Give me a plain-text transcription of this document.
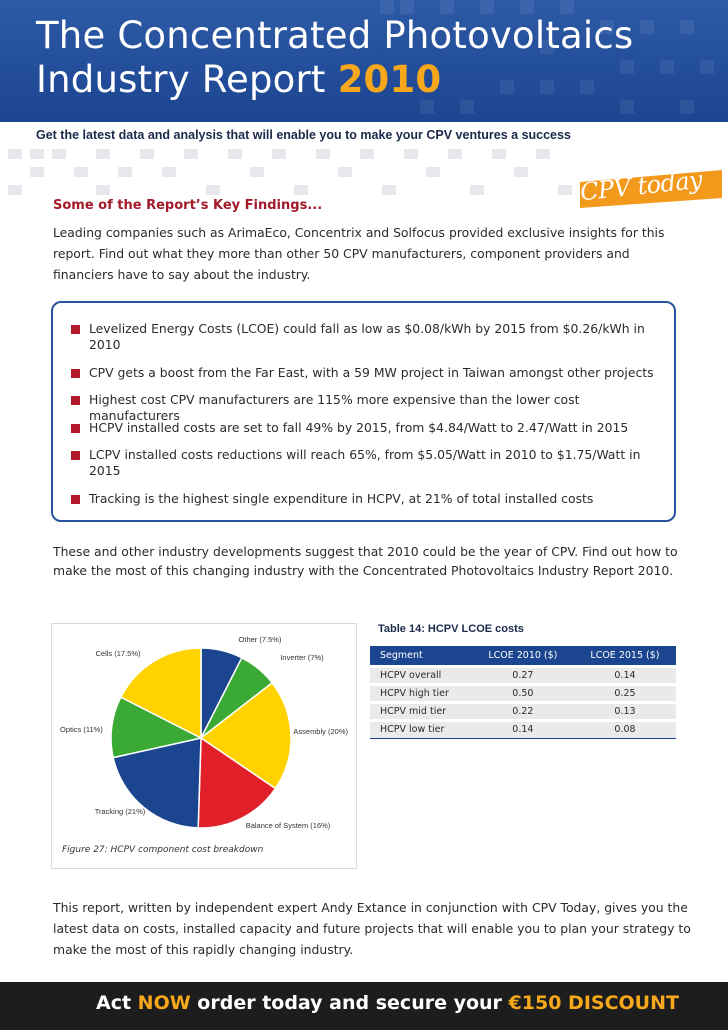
The Concentrated Photovoltaics
Industry Report 2010
Get the latest data and analysis that will enable you to make your CPV ventures a success
CPV today
Some of the Report’s Key Findings...
Leading companies such as ArimaEco, Concentrix and Solfocus provided exclusive insights for this report. Find out what they more than other 50 CPV manufacturers, component providers and financiers have to say about the industry.
Levelized Energy Costs (LCOE) could fall as low as $0.08/kWh by 2015 from $0.26/kWh in 2010
CPV gets a boost from the Far East, with a 59 MW project in Taiwan amongst other projects
Highest cost CPV manufacturers are 115% more expensive than the lower cost manufacturers
HCPV installed costs are set to fall 49% by 2015, from $4.84/Watt to 2.47/Watt in 2015
LCPV installed costs reductions will reach 65%, from $5.05/Watt in 2010 to $1.75/Watt in 2015
Tracking is the highest single expenditure in HCPV, at 21% of total installed costs
These and other industry developments suggest that 2010 could be the year of CPV. Find out how to make the most of this changing industry with the Concentrated Photovoltaics Industry Report 2010.
Other (7.5%)
Inverter (7%)
Assembly (20%)
Balance of System (16%)
Tracking (21%)
Optics (11%)
Cells (17.5%)
Figure 27: HCPV component cost breakdown
Table 14: HCPV LCOE costs
Segment	LCOE 2010 ($)	LCOE 2015 ($)
HCPV overall	0.27	0.14
HCPV high tier	0.50	0.25
HCPV mid tier	0.22	0.13
HCPV low tier	0.14	0.08
This report, written by independent expert Andy Extance in conjunction with CPV Today, gives you the latest data on costs, installed capacity and future projects that will enable you to plan your strategy to make the most of this rapidly changing industry.
Act NOW order today and secure your €150 DISCOUNT
